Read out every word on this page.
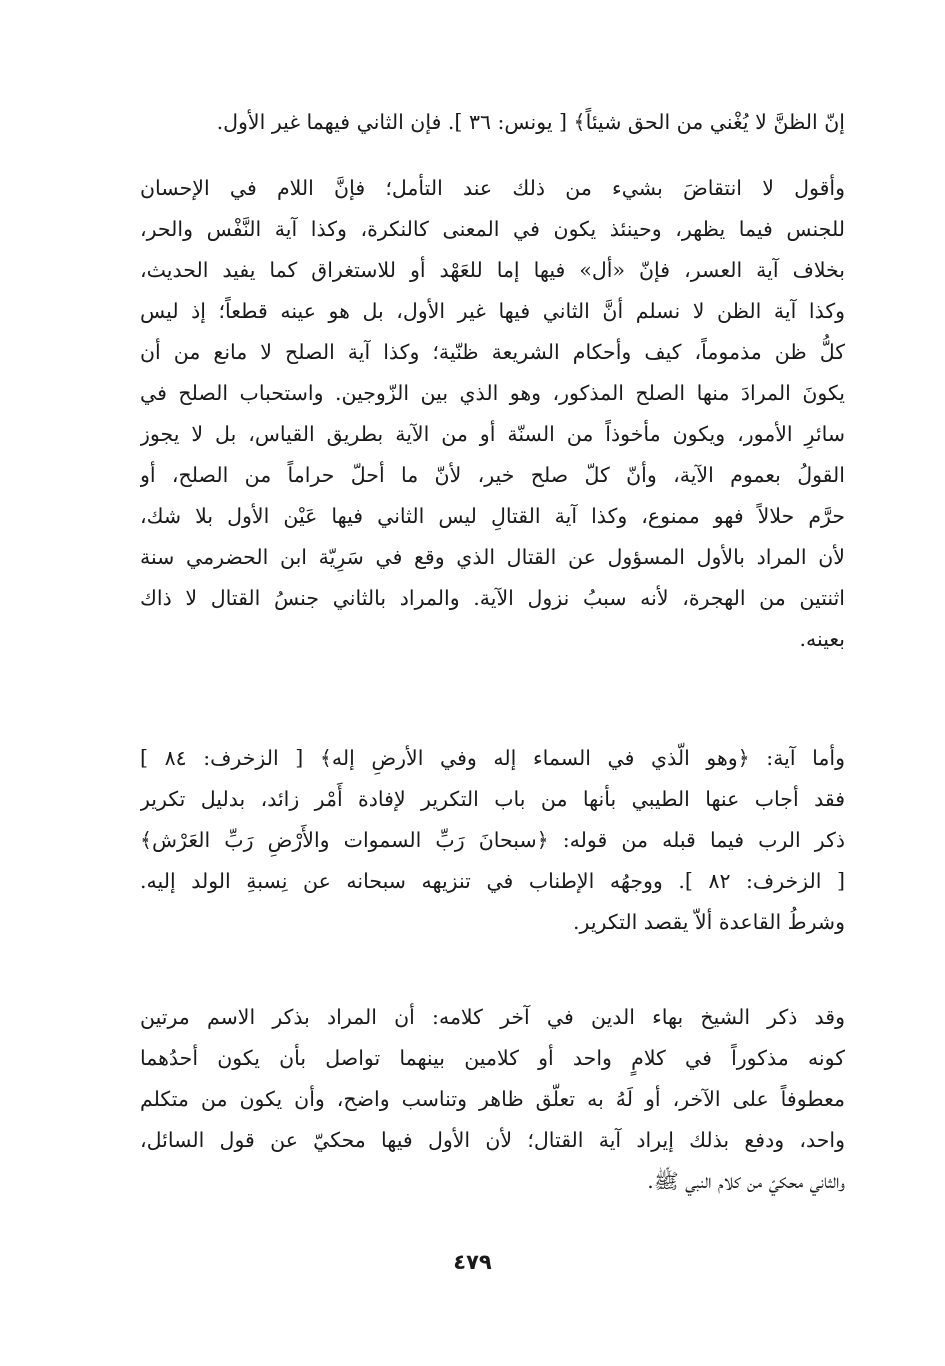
إنّ الظنَّ لا يُغْني من الحق شيئاً﴾ [ يونس: ٣٦ ]. فإن الثاني فيهما غير الأول.
وأقول لا انتقاضَ بشيء من ذلك عند التأمل؛ فإنَّ اللام في الإحسان
للجنس فيما يظهر، وحينئذ يكون في المعنى كالنكرة، وكذا آية النَّفْس والحر،
بخلاف آية العسر، فإنّ «أل» فيها إما للعَهْد أو للاستغراق كما يفيد الحديث،
وكذا آية الظن لا نسلم أنَّ الثاني فيها غير الأول، بل هو عينه قطعاً؛ إذ ليس
كلُّ ظن مذموماً، كيف وأحكام الشريعة ظنّية؛ وكذا آية الصلح لا مانع من أن
يكونَ المرادَ منها الصلح المذكور، وهو الذي بين الزّوجين. واستحباب الصلح في
سائرِ الأمور، ويكون مأخوذاً من السنّة أو من الآية بطريق القياس، بل لا يجوز
القولُ بعموم الآية، وأنّ كلّ صلح خير، لأنّ ما أحلّ حراماً من الصلح، أو
حرَّم حلالاً فهو ممنوع، وكذا آية القتالِ ليس الثاني فيها عَيْن الأول بلا شك،
لأن المراد بالأول المسؤول عن القتال الذي وقع في سَرِيّة ابن الحضرمي سنة
اثنتين من الهجرة، لأنه سببُ نزول الآية. والمراد بالثاني جنسُ القتال لا ذاك
بعينه.
وأما آية: ﴿وهو الّذي في السماء إله وفي الأرضِ إله﴾ [ الزخرف: ٨٤ ]
فقد أجاب عنها الطيبي بأنها من باب التكرير لإفادة أَمْر زائد، بدليل تكرير
ذكر الرب فيما قبله من قوله: ﴿سبحانَ رَبِّ السموات والأَرْضِ رَبِّ العَرْش﴾
[ الزخرف: ٨٢ ]. ووجهُه الإطناب في تنزيهه سبحانه عن نِسبةِ الولد إليه.
وشرطُ القاعدة ألاّ يقصد التكرير.
وقد ذكر الشيخ بهاء الدين في آخر كلامه: أن المراد بذكر الاسم مرتين
كونه مذكوراً في كلامٍ واحد أو كلامين بينهما تواصل بأن يكون أحدُهما
معطوفاً على الآخر، أو لَهُ به تعلّق ظاهر وتناسب واضح، وأن يكون من متكلم
واحد، ودفع بذلك إيراد آية القتال؛ لأن الأول فيها محكيّ عن قول السائل،
والثاني محكيّ من كلام النبي ﷺ.
٤٧٩
